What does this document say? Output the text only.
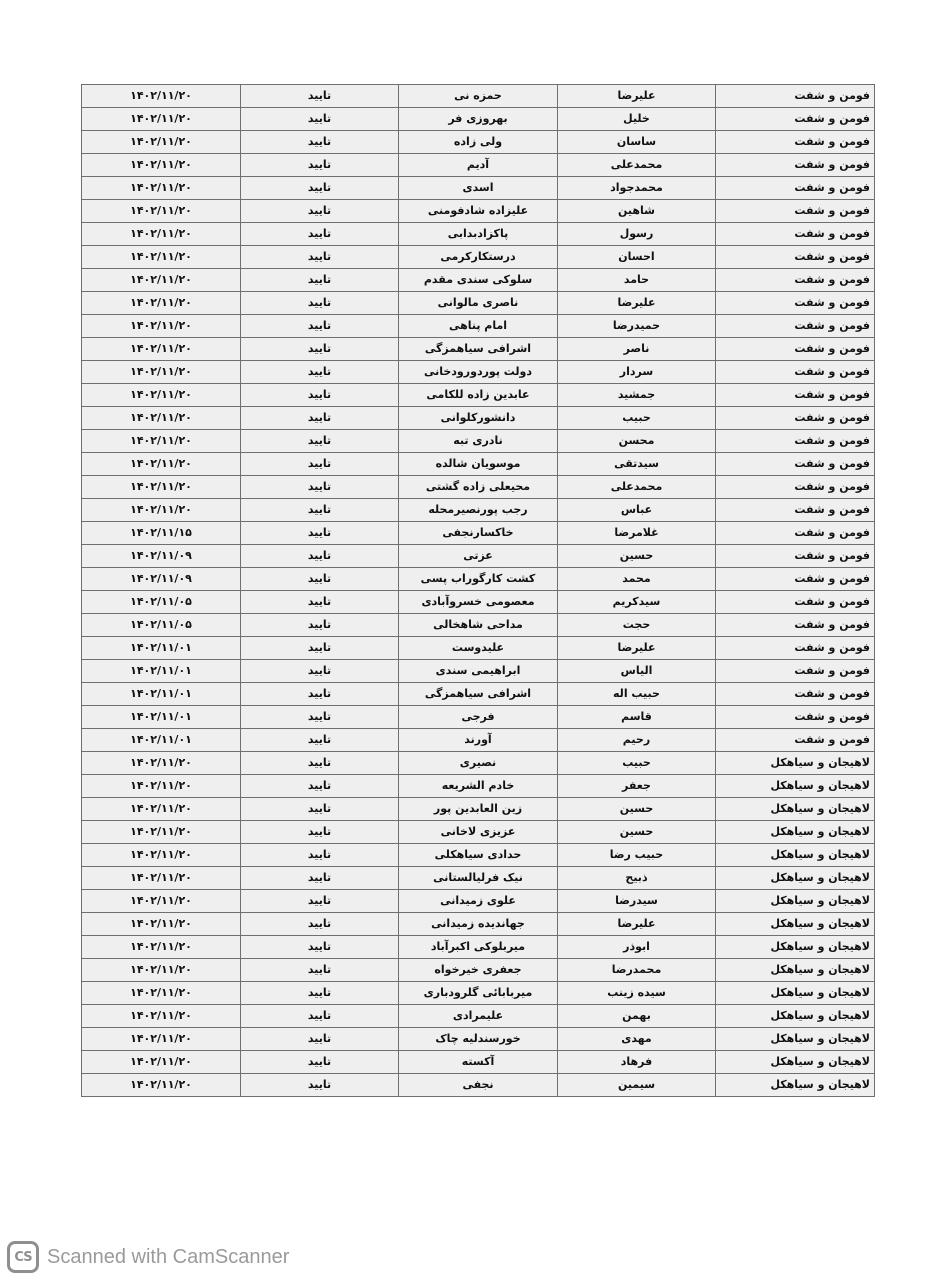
فومن و شفت	علیرضا	حمزه نی	تایید	۱۴۰۲/۱۱/۲۰
فومن و شفت	خلیل	بهروزی فر	تایید	۱۴۰۲/۱۱/۲۰
فومن و شفت	ساسان	ولی زاده	تایید	۱۴۰۲/۱۱/۲۰
فومن و شفت	محمدعلی	آدیم	تایید	۱۴۰۲/۱۱/۲۰
فومن و شفت	محمدجواد	اسدی	تایید	۱۴۰۲/۱۱/۲۰
فومن و شفت	شاهین	علیزاده شادفومنی	تایید	۱۴۰۲/۱۱/۲۰
فومن و شفت	رسول	پاکزادبدابی	تایید	۱۴۰۲/۱۱/۲۰
فومن و شفت	احسان	درستکارکرمی	تایید	۱۴۰۲/۱۱/۲۰
فومن و شفت	حامد	سلوکی سندی مقدم	تایید	۱۴۰۲/۱۱/۲۰
فومن و شفت	علیرضا	ناصری مالوانی	تایید	۱۴۰۲/۱۱/۲۰
فومن و شفت	حمیدرضا	امام پناهی	تایید	۱۴۰۲/۱۱/۲۰
فومن و شفت	ناصر	اشرافی سیاهمزگی	تایید	۱۴۰۲/۱۱/۲۰
فومن و شفت	سردار	دولت پوردورودخانی	تایید	۱۴۰۲/۱۱/۲۰
فومن و شفت	جمشید	عابدین زاده للکامی	تایید	۱۴۰۲/۱۱/۲۰
فومن و شفت	حبیب	دانشورکلوانی	تایید	۱۴۰۲/۱۱/۲۰
فومن و شفت	محسن	نادری تبه	تایید	۱۴۰۲/۱۱/۲۰
فومن و شفت	سیدتقی	موسویان شالده	تایید	۱۴۰۲/۱۱/۲۰
فومن و شفت	محمدعلی	محیعلی زاده گشتی	تایید	۱۴۰۲/۱۱/۲۰
فومن و شفت	عباس	رجب پورنصیرمحله	تایید	۱۴۰۲/۱۱/۲۰
فومن و شفت	غلامرضا	خاکسارنجفی	تایید	۱۴۰۲/۱۱/۱۵
فومن و شفت	حسین	عزتی	تایید	۱۴۰۲/۱۱/۰۹
فومن و شفت	محمد	کشت کارگوراب پسی	تایید	۱۴۰۲/۱۱/۰۹
فومن و شفت	سیدکریم	معصومی خسروآبادی	تایید	۱۴۰۲/۱۱/۰۵
فومن و شفت	حجت	مداحی شاهخالی	تایید	۱۴۰۲/۱۱/۰۵
فومن و شفت	علیرضا	علیدوست	تایید	۱۴۰۲/۱۱/۰۱
فومن و شفت	الیاس	ابراهیمی سندی	تایید	۱۴۰۲/۱۱/۰۱
فومن و شفت	حبیب اله	اشرافی سیاهمزگی	تایید	۱۴۰۲/۱۱/۰۱
فومن و شفت	قاسم	فرجی	تایید	۱۴۰۲/۱۱/۰۱
فومن و شفت	رحیم	آورند	تایید	۱۴۰۲/۱۱/۰۱
لاهیجان و سیاهکل	حبیب	نصیری	تایید	۱۴۰۲/۱۱/۲۰
لاهیجان و سیاهکل	جعفر	خادم الشریعه	تایید	۱۴۰۲/۱۱/۲۰
لاهیجان و سیاهکل	حسین	زین العابدین پور	تایید	۱۴۰۲/۱۱/۲۰
لاهیجان و سیاهکل	حسین	عزیزی لاخانی	تایید	۱۴۰۲/۱۱/۲۰
لاهیجان و سیاهکل	حبیب رضا	حدادی سیاهکلی	تایید	۱۴۰۲/۱۱/۲۰
لاهیجان و سیاهکل	ذبیح	نیک فرلیالستانی	تایید	۱۴۰۲/۱۱/۲۰
لاهیجان و سیاهکل	سیدرضا	علوی زمیدانی	تایید	۱۴۰۲/۱۱/۲۰
لاهیجان و سیاهکل	علیرضا	جهاندیده زمیدانی	تایید	۱۴۰۲/۱۱/۲۰
لاهیجان و سیاهکل	ابوذر	میربلوکی اکبرآباد	تایید	۱۴۰۲/۱۱/۲۰
لاهیجان و سیاهکل	محمدرضا	جعفری خیرخواه	تایید	۱۴۰۲/۱۱/۲۰
لاهیجان و سیاهکل	سیده زینب	میربابائی گلرودباری	تایید	۱۴۰۲/۱۱/۲۰
لاهیجان و سیاهکل	بهمن	علیمرادی	تایید	۱۴۰۲/۱۱/۲۰
لاهیجان و سیاهکل	مهدی	خورسندلیه چاک	تایید	۱۴۰۲/۱۱/۲۰
لاهیجان و سیاهکل	فرهاد	آکسته	تایید	۱۴۰۲/۱۱/۲۰
لاهیجان و سیاهکل	سیمین	نجفی	تایید	۱۴۰۲/۱۱/۲۰
CS Scanned with CamScanner
